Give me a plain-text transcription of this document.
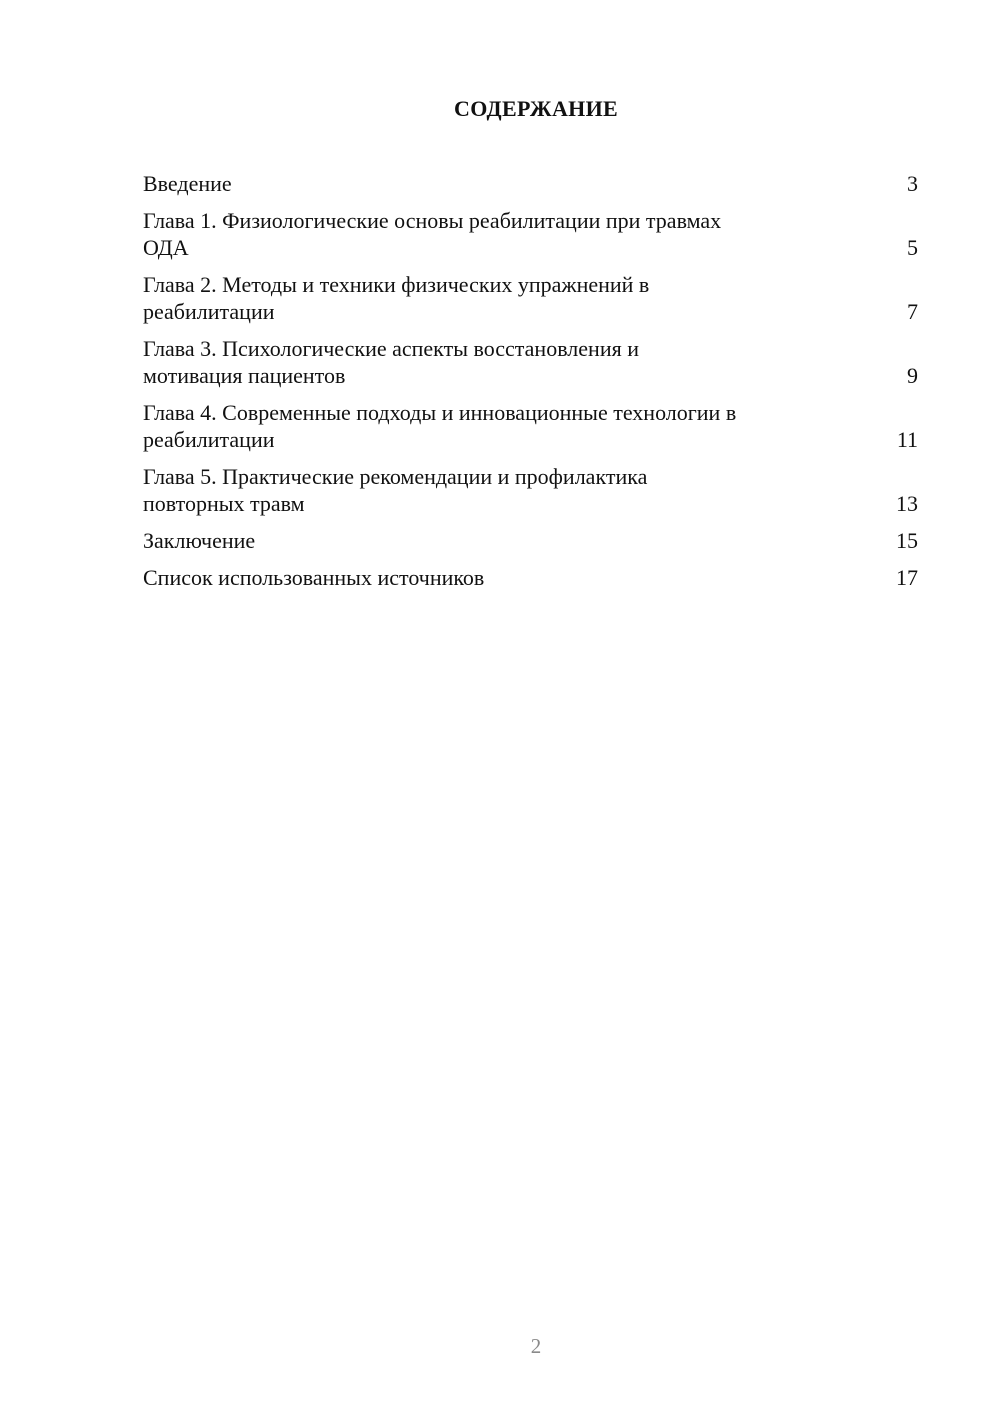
СОДЕРЖАНИЕ
Введение	3
Глава 1. Физиологические основы реабилитации при травмах
ОДА	5
Глава 2. Методы и техники физических упражнений в
реабилитации	7
Глава 3. Психологические аспекты восстановления и
мотивация пациентов	9
Глава 4. Современные подходы и инновационные технологии в
реабилитации	11
Глава 5. Практические рекомендации и профилактика
повторных травм	13
Заключение	15
Список использованных источников	17
2
